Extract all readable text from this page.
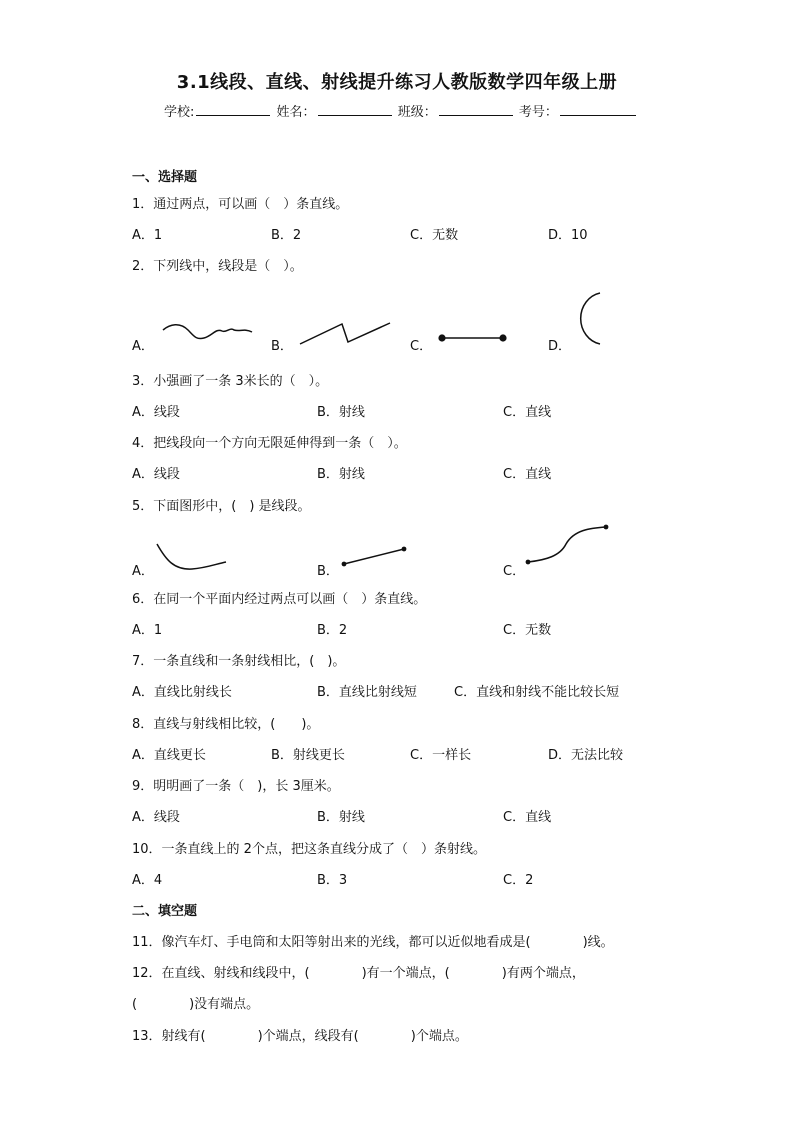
3.1线段、直线、射线提升练习人教版数学四年级上册
学校:	姓名：	班级：	考号：
一、选择题
1．通过两点，可以画（　）条直线。
A．1	B．2	C．无数	D．10
2．下列线中，线段是（　）。
A．	B．	C．	D．
3．小强画了一条 3米长的（　）。
A．线段	B．射线	C．直线
4．把线段向一个方向无限延伸得到一条（　）。
A．线段	B．射线	C．直线
5．下面图形中，(　) 是线段。
A．	B．	C．
6．在同一个平面内经过两点可以画（　）条直线。
A．1	B．2	C．无数
7．一条直线和一条射线相比，(　)。
A．直线比射线长	B．直线比射线短	C．直线和射线不能比较长短
8．直线与射线相比较，(　　)。
A．直线更长	B．射线更长	C．一样长	D．无法比较
9．明明画了一条（　)，长 3厘米。
A．线段	B．射线	C．直线
10．一条直线上的 2个点，把这条直线分成了（　）条射线。
A．4	B．3	C．2
二、填空题
11．像汽车灯、手电筒和太阳等射出来的光线，都可以近似地看成是(　　　　)线。
12．在直线、射线和线段中，(　　　　)有一个端点，(　　　　)有两个端点，
(　　　　)没有端点。
13．射线有(　　　　)个端点，线段有(　　　　)个端点。
